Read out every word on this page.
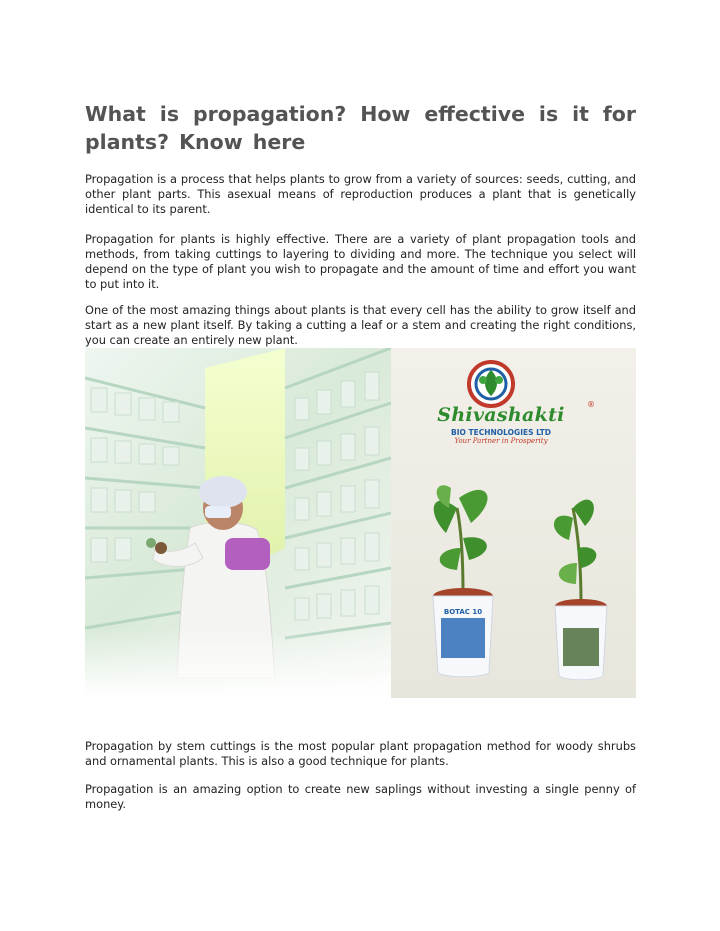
What is propagation? How effective is it for plants? Know here

Propagation is a process that helps plants to grow from a variety of sources: seeds, cutting, and other plant parts. This asexual means of reproduction produces a plant that is genetically identical to its parent.

Propagation for plants is highly effective. There are a variety of plant propagation tools and methods, from taking cuttings to layering to dividing and more. The technique you select will depend on the type of plant you wish to propagate and the amount of time and effort you want to put into it.

One of the most amazing things about plants is that every cell has the ability to grow itself and start as a new plant itself. By taking a cutting a leaf or a stem and creating the right conditions, you can create an entirely new plant.

Propagation by stem cuttings is the most popular plant propagation method for woody shrubs and ornamental plants. This is also a good technique for plants.

Propagation is an amazing option to create new saplings without investing a single penny of money.

BOTAC 10
Shivashakti	®
BIO TECHNOLOGIES LTD
Your Partner in Prosperity
